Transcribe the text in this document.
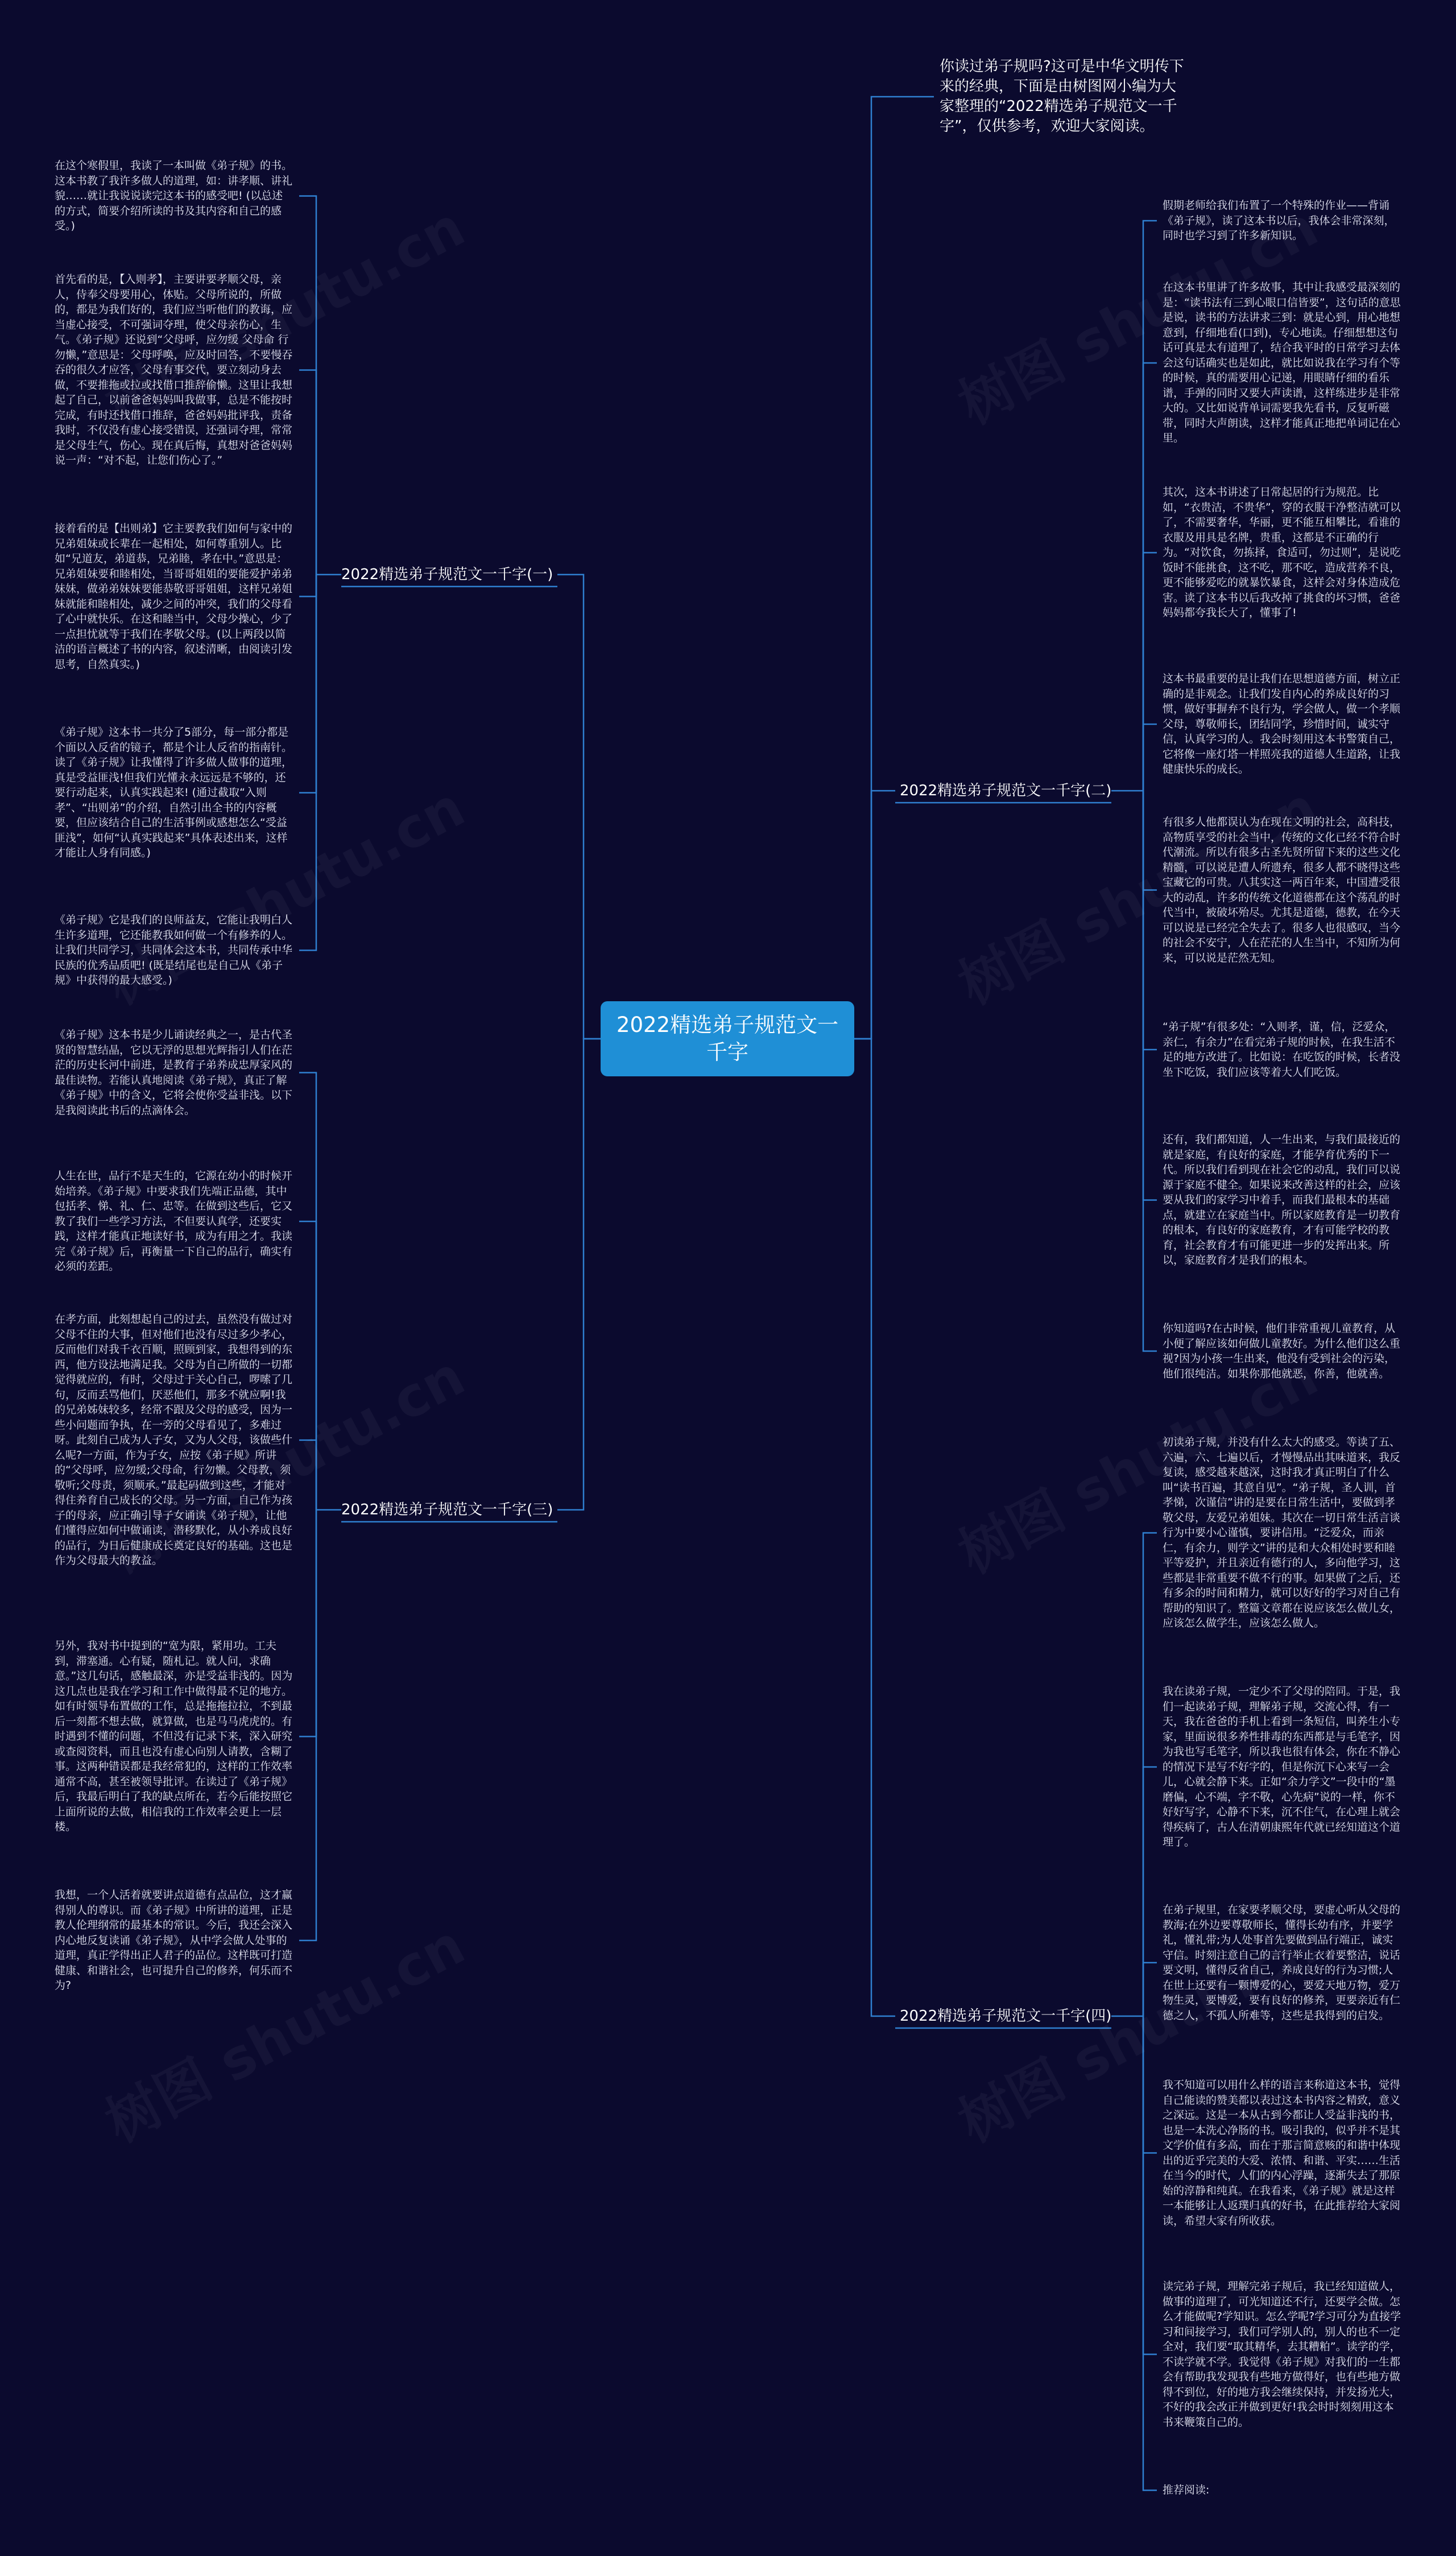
2022精选弟子规范文一千字
你读过弟子规吗?这可是中华文明传下来的经典，下面是由树图网小编为大家整理的“2022精选弟子规范文一千字”，仅供参考，欢迎大家阅读。
2022精选弟子规范文一千字(一)
在这个寒假里，我读了一本叫做《弟子规》的书。这本书教了我许多做人的道理，如：讲孝顺、讲礼貌……就让我说说读完这本书的感受吧! (以总述的方式，简要介绍所读的书及其内容和自己的感受。)
首先看的是，【入则孝】，主要讲要孝顺父母，亲人，侍奉父母要用心，体贴。父母所说的，所做的，都是为我们好的，我们应当听他们的教诲，应当虚心接受，不可强词夺理，使父母亲伤心，生气。《弟子规》还说到“父母呼，应勿缓 父母命 行勿懒，”意思是：父母呼唤，应及时回答，不要慢吞吞的很久才应答，父母有事交代，要立刻动身去做，不要推拖或拉或找借口推辞偷懒。这里让我想起了自己，以前爸爸妈妈叫我做事，总是不能按时完成，有时还找借口推辞，爸爸妈妈批评我，责备我时，不仅没有虚心接受错误，还强词夺理，常常是父母生气，伤心。现在真后悔，真想对爸爸妈妈说一声：“对不起，让您们伤心了。”
接着看的是【出则弟】它主要教我们如何与家中的兄弟姐妹或长辈在一起相处，如何尊重别人。比如“兄道友，弟道恭，兄弟睦，孝在中。”意思是：兄弟姐妹要和睦相处，当哥哥姐姐的要能爱护弟弟妹妹，做弟弟妹妹要能恭敬哥哥姐姐，这样兄弟姐妹就能和睦相处，减少之间的冲突，我们的父母看了心中就快乐。在这和睦当中，父母少操心，少了一点担忧就等于我们在孝敬父母。(以上两段以简洁的语言概述了书的内容，叙述清晰，由阅读引发思考，自然真实。)
《弟子规》这本书一共分了5部分，每一部分都是个面以入反省的镜子，都是个让人反省的指南针。读了《弟子规》让我懂得了许多做人做事的道理，真是受益匪浅!但我们光懂永永远远是不够的，还要行动起来，认真实践起来! (通过截取“入则孝”、“出则弟”的介绍，自然引出全书的内容概要，但应该结合自己的生活事例或感想怎么“受益匪浅”，如何“认真实践起来”具体表述出来，这样才能让人身有同感。)
《弟子规》它是我们的良师益友，它能让我明白人生许多道理，它还能教我如何做一个有修养的人。让我们共同学习，共同体会这本书，共同传承中华民族的优秀品质吧! (既是结尾也是自己从《弟子规》中获得的最大感受。)
2022精选弟子规范文一千字(三)
《弟子规》这本书是少儿诵读经典之一，是古代圣贤的智慧结晶，它以无浮的思想光辉指引人们在茫茫的历史长河中前进，是教育子弟养成忠厚家风的最佳读物。若能认真地阅读《弟子规》，真正了解《弟子规》中的含义，它将会使你受益非浅。以下是我阅读此书后的点滴体会。
人生在世，品行不是天生的，它源在幼小的时候开始培养。《弟子规》中要求我们先端正品德，其中包括孝、悌、礼、仁、忠等。在做到这些后，它又教了我们一些学习方法，不但要认真学，还要实践，这样才能真正地读好书，成为有用之才。我读完《弟子规》后，再衡量一下自己的品行，确实有必须的差距。
在孝方面，此刻想起自己的过去，虽然没有做过对父母不住的大事，但对他们也没有尽过多少孝心，反而他们对我千衣百顺，照顾到家，我想得到的东西，他方设法地满足我。父母为自己所做的一切都觉得就应的，有时，父母过于关心自己，啰嗦了几句，反而丢骂他们，厌恶他们，那多不就应啊!我的兄弟姊妹较多，经常不跟及父母的感受，因为一些小问题而争执，在一旁的父母看见了，多难过呀。此刻自己成为人子女，又为人父母，该做些什么呢?一方面，作为子女，应按《弟子规》所讲的“父母呼，应勿缓;父母命，行勿懒。父母教，须敬听;父母责，须顺承。”最起码做到这些，才能对得住养育自己成长的父母。另一方面，自己作为孩子的母亲，应正确引导子女诵读《弟子规》，让他们懂得应如何中做诵读，潜移默化，从小养成良好的品行，为日后健康成长奠定良好的基础。这也是作为父母最大的教益。
另外，我对书中提到的“宽为限，紧用功。工夫到，滞塞通。心有疑，随札记。就人问，求确意。”这几句话，感触最深，亦是受益非浅的。因为这几点也是我在学习和工作中做得最不足的地方。如有时领导布置做的工作，总是拖拖拉拉，不到最后一刻都不想去做，就算做，也是马马虎虎的。有时遇到不懂的问题，不但没有记录下来，深入研究或查阅资料，而且也没有虚心向别人请教，含糊了事。这两种错误都是我经常犯的，这样的工作效率通常不高，甚至被领导批评。在读过了《弟子规》后，我最后明白了我的缺点所在，若今后能按照它上面所说的去做，相信我的工作效率会更上一层楼。
我想，一个人活着就要讲点道德有点品位，这才赢得别人的尊识。而《弟子规》中所讲的道理，正是教人伦理纲常的最基本的常识。今后，我还会深入内心地反复读诵《弟子规》，从中学会做人处事的道理，真正学得出正人君子的品位。这样既可打造健康、和谐社会，也可提升自己的修养，何乐而不为?
2022精选弟子规范文一千字(二)
假期老师给我们布置了一个特殊的作业——背诵《弟子规》，读了这本书以后，我体会非常深刻，同时也学习到了许多新知识。
在这本书里讲了许多故事，其中让我感受最深刻的是：“读书法有三到心眼口信皆要”，这句话的意思是说，读书的方法讲求三到：就是心到，用心地想意到，仔细地看(口到)，专心地读。仔细想想这句话可真是太有道理了，结合我平时的日常学习去体会这句话确实也是如此，就比如说我在学习有个等的时候，真的需要用心记递，用眼睛仔细的看乐谱，手弹的同时又要大声读谱，这样练进步是非常大的。又比如说背单词需要我先看书，反复听磁带，同时大声朗读，这样才能真正地把单词记在心里。
其次，这本书讲述了日常起居的行为规范。比如，“衣贵洁，不贵华”，穿的衣服干净整洁就可以了，不需要奢华，华丽，更不能互相攀比，看谁的衣服及用具是名牌，贵重，这都是不正确的行为。“对饮食，勿拣择，食适可，勿过则”，是说吃饭时不能挑食，这不吃，那不吃，造成营养不良，更不能够爱吃的就暴饮暴食，这样会对身体造成危害。读了这本书以后我改掉了挑食的坏习惯，爸爸妈妈都夸我长大了，懂事了!
这本书最重要的是让我们在思想道德方面，树立正确的是非观念。让我们发自内心的养成良好的习惯，做好事摒弃不良行为，学会做人，做一个孝顺父母，尊敬师长，团结同学，珍惜时间，诚实守信，认真学习的人。我会时刻用这本书警策自己，它将像一座灯塔一样照亮我的道德人生道路，让我健康快乐的成长。
有很多人他都误认为在现在文明的社会，高科技，高物质享受的社会当中，传统的文化已经不符合时代潮流。所以有很多古圣先贤所留下来的这些文化精髓，可以说是遭人所遗弃，很多人都不晓得这些宝藏它的可贵。八其实这一两百年来，中国遭受很大的动乱，许多的传统文化道德都在这个荡乱的时代当中，被破坏殆尽。尤其是道德，德教，在今天可以说是已经完全失去了。很多人也很感叹，当今的社会不安宁，人在茫茫的人生当中，不知所为何来，可以说是茫然无知。
“弟子规”有很多处：“入则孝，谨，信，泛爱众，亲仁，有余力”在看完弟子规的时候，在我生活不足的地方改进了。比如说：在吃饭的时候，长者没坐下吃饭，我们应该等着大人们吃饭。
还有，我们都知道，人一生出来，与我们最接近的就是家庭，有良好的家庭，才能孕育优秀的下一代。所以我们看到现在社会它的动乱，我们可以说源于家庭不健全。如果说来改善这样的社会，应该要从我们的家学习中着手，而我们最根本的基础点，就建立在家庭当中。所以家庭教育是一切教育的根本，有良好的家庭教育，才有可能学校的教育，社会教育才有可能更进一步的发挥出来。所以，家庭教育才是我们的根本。
你知道吗?在古时候，他们非常重视儿童教育，从小便了解应该如何做儿童教好。为什么他们这么重视?因为小孩一生出来，他没有受到社会的污染，他们很纯洁。如果你那他就恶，你善，他就善。
2022精选弟子规范文一千字(四)
初读弟子规，并没有什么太大的感受。等读了五、六遍，六、七遍以后，才慢慢品出其味道来，我反复读，感受越来越深，这时我才真正明白了什么叫“读书百遍，其意自见”。“弟子规，圣人训，首孝悌，次谨信”讲的是要在日常生活中，要做到孝敬父母，友爱兄弟姐妹。其次在一切日常生活言谈行为中要小心谨慎，要讲信用。“泛爱众，而亲仁，有余力，则学文”讲的是和大众相处时要和睦平等爱护，并且亲近有德行的人，多向他学习，这些都是非常重要不做不行的事。如果做了之后，还有多余的时间和精力，就可以好好的学习对自己有帮助的知识了。整篇文章都在说应该怎么做儿女，应该怎么做学生，应该怎么做人。
我在读弟子规，一定少不了父母的陪同。于是，我们一起读弟子规，理解弟子规，交流心得，有一天，我在爸爸的手机上看到一条短信，叫养生小专家，里面说很多养性排毒的东西都是与毛笔字，因为我也写毛笔字，所以我也很有体会，你在不静心的情况下是写不好字的，但是你沉下心来写一会儿，心就会静下来。正如“余力学文”一段中的“墨磨偏，心不端，字不敬，心先病”说的一样，你不好好写字，心静不下来，沉不住气，在心理上就会得疾病了，古人在清朝康熙年代就已经知道这个道理了。
在弟子规里，在家要孝顺父母，要虚心听从父母的教海;在外边要尊敬师长，懂得长幼有序，并要学礼，懂礼带;为人处事首先要做到品行端正，诚实守信。时刻注意自己的言行举止衣着要整洁，说话要文明，懂得反省自己，养成良好的行为习惯;人在世上还要有一颗博爱的心，要爱天地万物，爱万物生灵，要博爱，要有良好的修养，更要亲近有仁德之人，不孤人所难等，这些是我得到的启发。
我不知道可以用什么样的语言来称道这本书，觉得自己能读的赞美都以表过这本书内容之精致，意义之深远。这是一本从古到今都让人受益非浅的书，也是一本洗心净肠的书。吸引我的，似乎并不是其文学价值有多高，而在于那言简意赅的和谐中体现出的近乎完美的大爱、浓情、和谐、平实……生活在当今的时代，人们的内心浮躁，逐渐失去了那原始的淳静和纯真。在我看来，《弟子规》就是这样一本能够让人返璞归真的好书，在此推荐给大家阅读，希望大家有所收获。
读完弟子规，理解完弟子规后，我已经知道做人，做事的道理了，可光知道还不行，还要学会做。怎么才能做呢?学知识。怎么学呢?学习可分为直接学习和间接学习，我们可学别人的，别人的也不一定全对，我们要“取其精华，去其糟粕”。读学的学，不读学就不学。我觉得《弟子规》对我们的一生都会有帮助我发现我有些地方做得好，也有些地方做得不到位，好的地方我会继续保持，并发扬光大，不好的我会改正并做到更好!我会时时刻刻用这本书来鞭策自己的。
推荐阅读:
